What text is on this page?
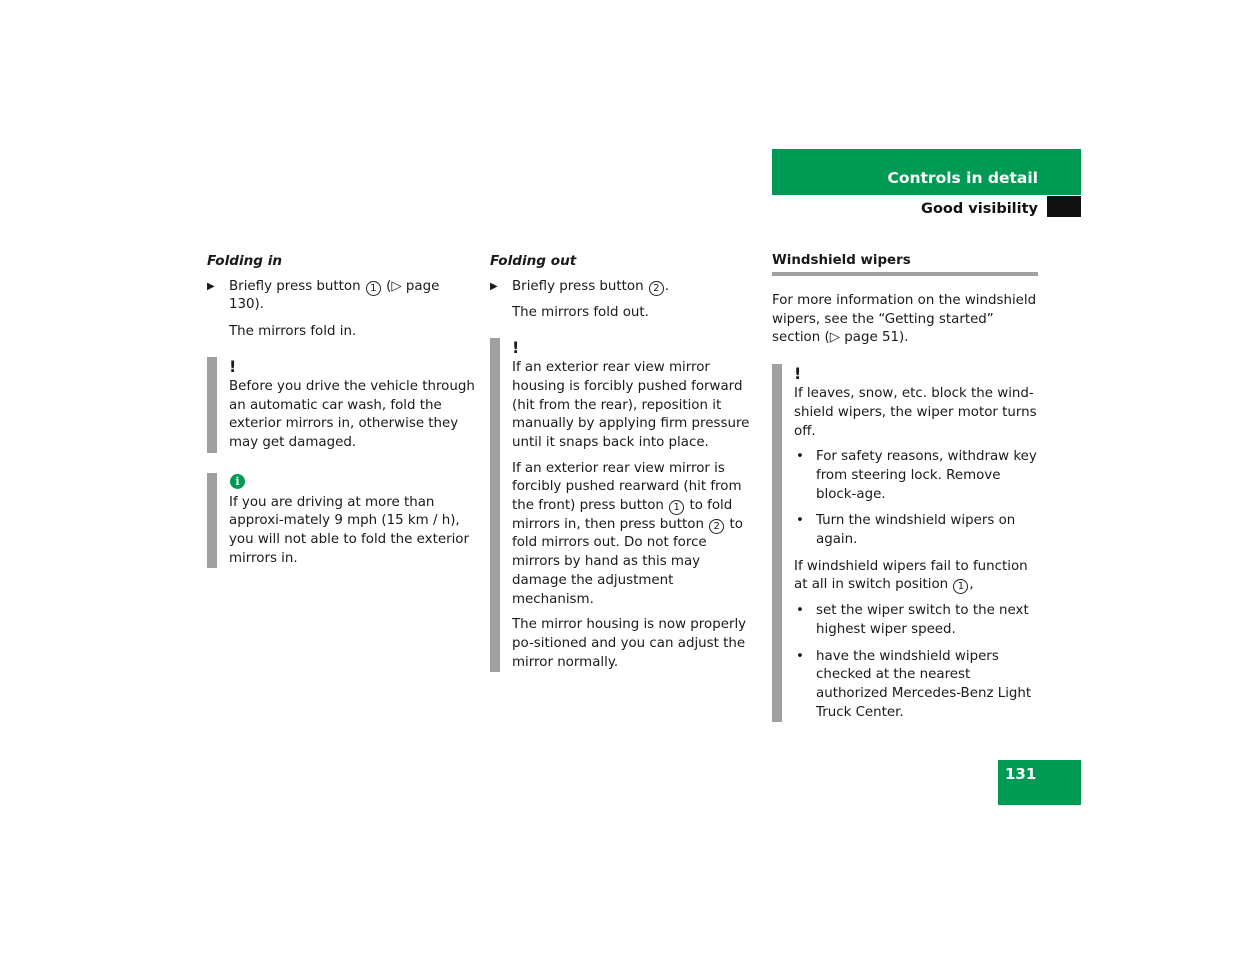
Controls in detail
Good visibility
Folding in
▶ Briefly press button 1 (▷ page 130).
The mirrors fold in.
!
Before you drive the vehicle through an automatic car wash, fold the exterior mirrors in, otherwise they may get damaged.
i
If you are driving at more than approxi-mately 9 mph (15 km / h), you will not able to fold the exterior mirrors in.
Folding out
▶ Briefly press button 2 .
The mirrors fold out.
!
If an exterior rear view mirror housing is forcibly pushed forward (hit from the rear), reposition it manually by applying firm pressure until it snaps back into place.
If an exterior rear view mirror is forcibly pushed rearward (hit from the front) press button 1 to fold mirrors in, then press button 2 to fold mirrors out. Do not force mirrors by hand as this may damage the adjustment mechanism.
The mirror housing is now properly po-sitioned and you can adjust the mirror normally.
Windshield wipers
For more information on the windshield wipers, see the “Getting started” section (▷ page 51).
!
If leaves, snow, etc. block the wind-shield wipers, the wiper motor turns off.
• For safety reasons, withdraw key from steering lock. Remove block-age.
• Turn the windshield wipers on again.
If windshield wipers fail to function at all in switch position 1 ,
• set the wiper switch to the next highest wiper speed.
• have the windshield wipers checked at the nearest authorized Mercedes-Benz Light Truck Center.
131
